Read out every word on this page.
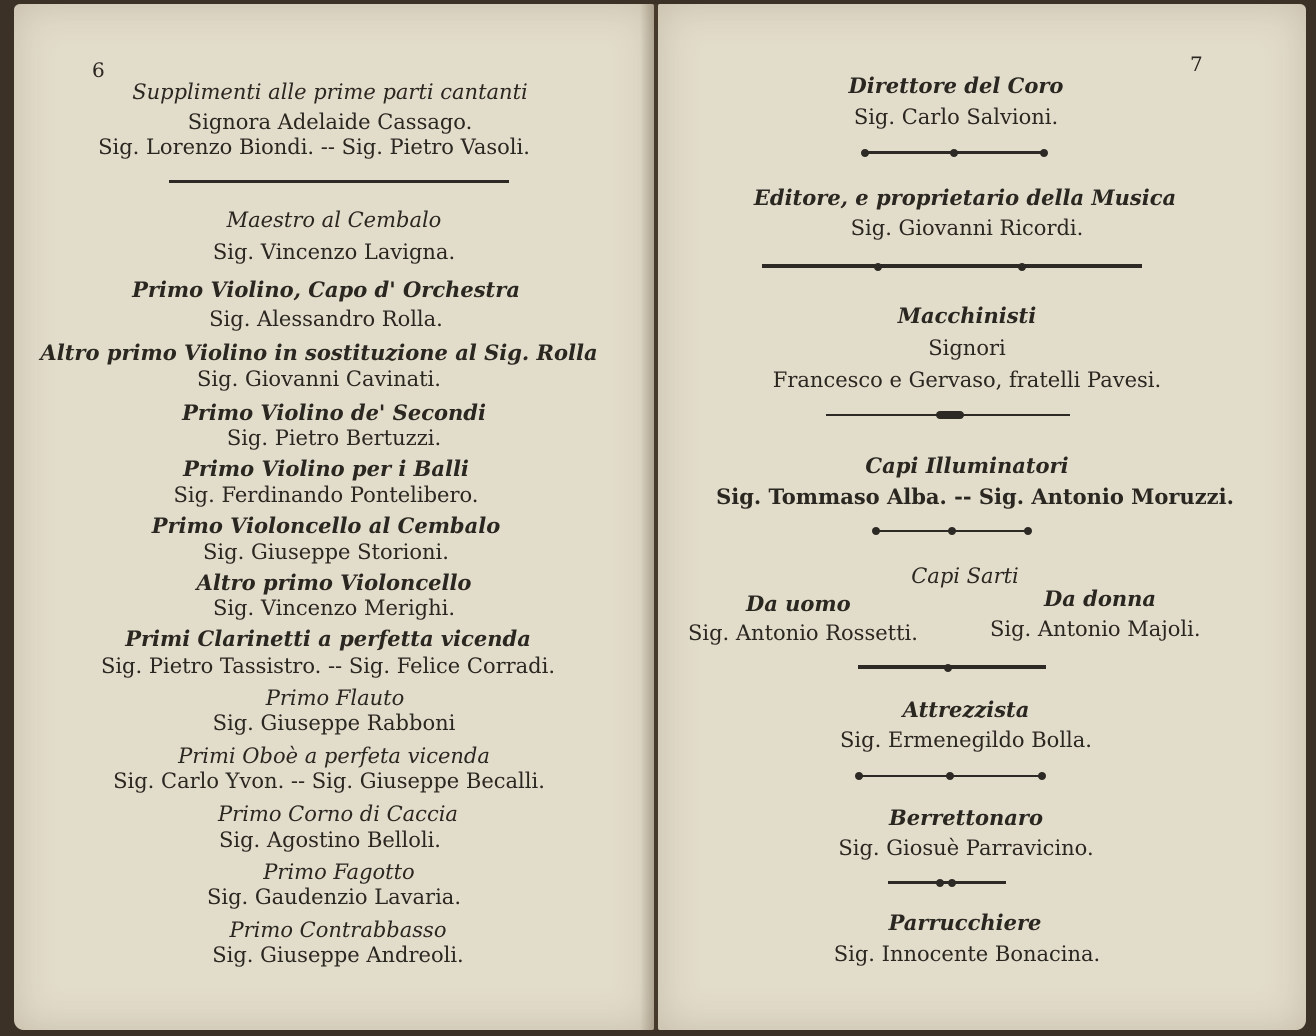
6
Supplimenti alle prime parti cantanti
Signora Adelaide Cassago.
Sig. Lorenzo Biondi. -- Sig. Pietro Vasoli.
Maestro al Cembalo
Sig. Vincenzo Lavigna.
Primo Violino, Capo d' Orchestra
Sig. Alessandro Rolla.
Altro primo Violino in sostituzione al Sig. Rolla
Sig. Giovanni Cavinati.
Primo Violino de' Secondi
Sig. Pietro Bertuzzi.
Primo Violino per i Balli
Sig. Ferdinando Pontelibero.
Primo Violoncello al Cembalo
Sig. Giuseppe Storioni.
Altro primo Violoncello
Sig. Vincenzo Merighi.
Primi Clarinetti a perfetta vicenda
Sig. Pietro Tassistro. -- Sig. Felice Corradi.
Primo Flauto
Sig. Giuseppe Rabboni
Primi Oboè a perfeta vicenda
Sig. Carlo Yvon. -- Sig. Giuseppe Becalli.
Primo Corno di Caccia
Sig. Agostino Belloli.
Primo Fagotto
Sig. Gaudenzio Lavaria.
Primo Contrabbasso
Sig. Giuseppe Andreoli.
7
Direttore del Coro
Sig. Carlo Salvioni.
Editore, e proprietario della Musica
Sig. Giovanni Ricordi.
Macchinisti
Signori
Francesco e Gervaso, fratelli Pavesi.
Capi Illuminatori
Sig. Tommaso Alba. -- Sig. Antonio Moruzzi.
Capi Sarti
Da uomo	Da donna
Sig. Antonio Rossetti.	Sig. Antonio Majoli.
Attrezzista
Sig. Ermenegildo Bolla.
Berrettonaro
Sig. Giosuè Parravicino.
Parrucchiere
Sig. Innocente Bonacina.
